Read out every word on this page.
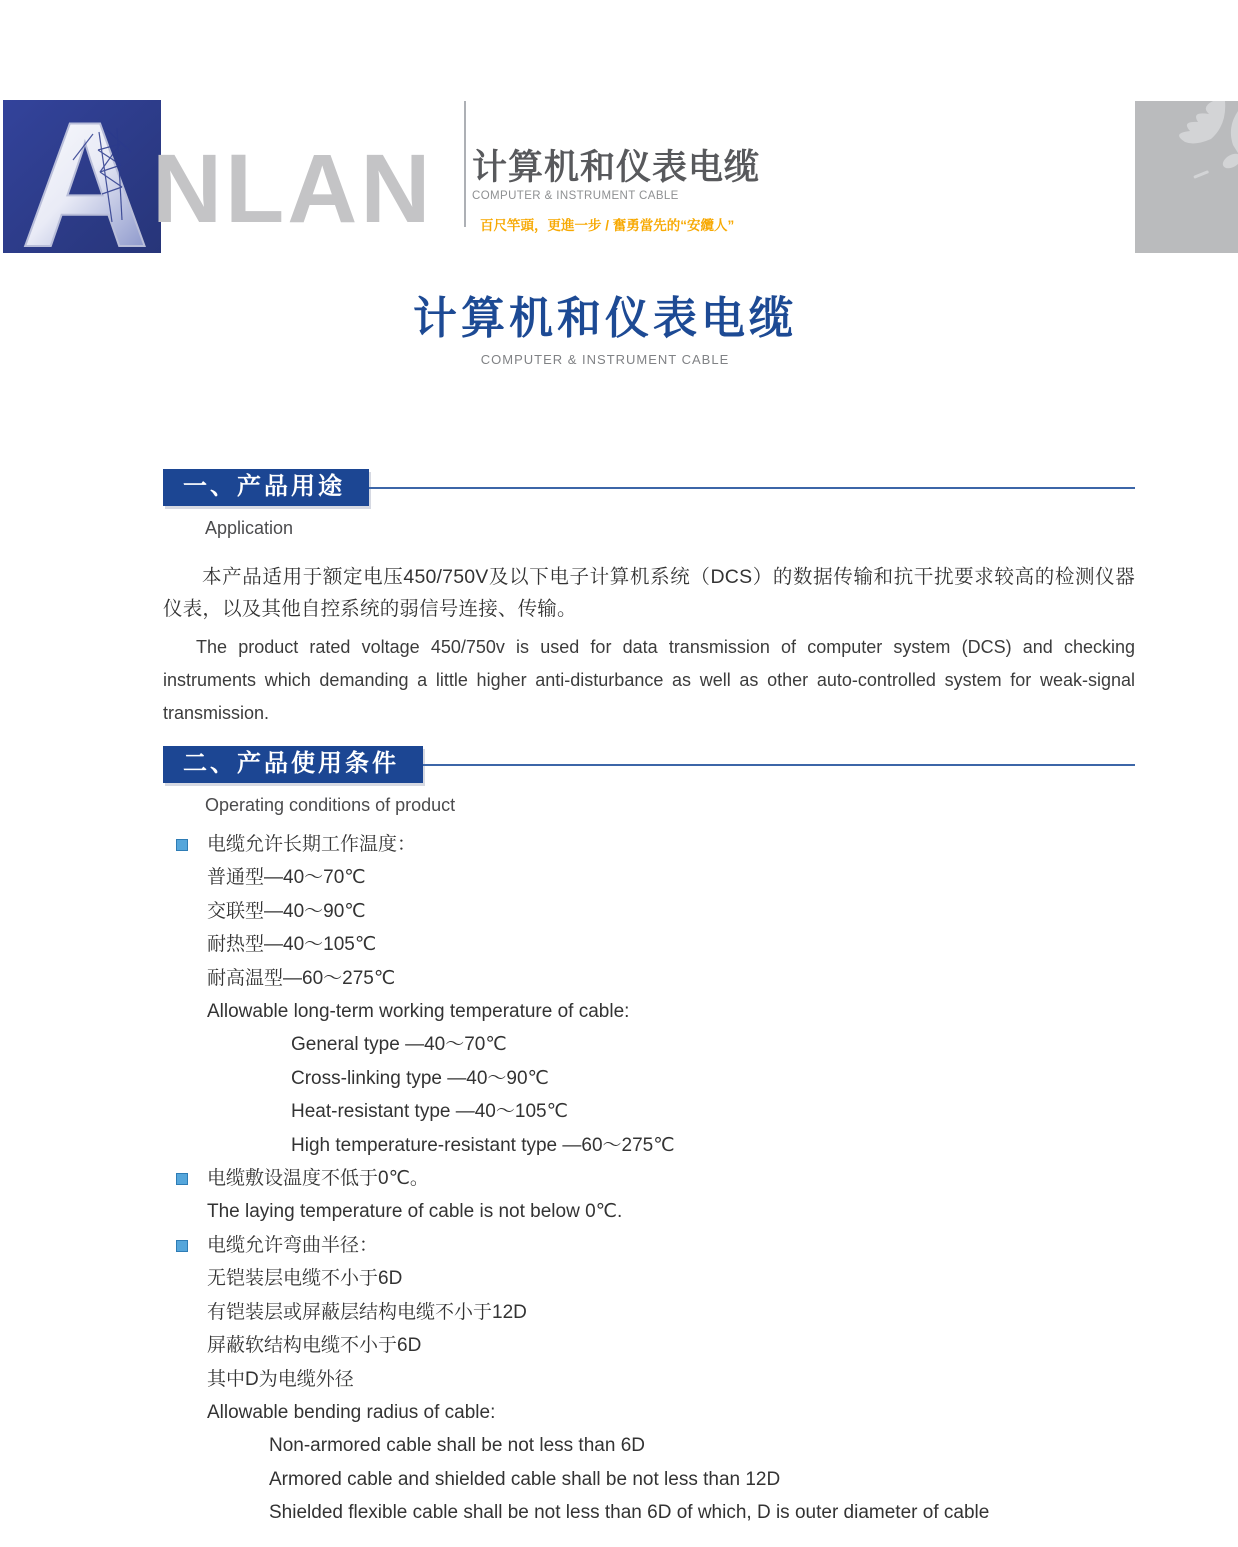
A NLAN 计算机和仪表电缆
COMPUTER & INSTRUMENT CABLE
百尺竿頭，更進一步 / 奮勇當先的“安纜人”
计算机和仪表电缆
COMPUTER & INSTRUMENT CABLE
一、产品用途
Application

本产品适用于额定电压450/750V及以下电子计算机系统（DCS）的数据传输和抗干扰要求较高的检测仪器仪表，以及其他自控系统的弱信号连接、传输。

The product rated voltage 450/750v is used for data transmission of computer system (DCS) and checking instruments which demanding a little higher anti-disturbance as well as other auto-controlled system for weak-signal transmission.

二、产品使用条件
Operating conditions of product
电缆允许长期工作温度：
普通型—40～70℃
交联型—40～90℃
耐热型—40～105℃
耐高温型—60～275℃
Allowable long-term working temperature of cable:
General type —40～70℃
Cross-linking type —40～90℃
Heat-resistant type —40～105℃
High temperature-resistant type —60～275℃
电缆敷设温度不低于0℃。
The laying temperature of cable is not below 0℃.
电缆允许弯曲半径：
无铠装层电缆不小于6D
有铠装层或屏蔽层结构电缆不小于12D
屏蔽软结构电缆不小于6D
其中D为电缆外径
Allowable bending radius of cable:
Non-armored cable shall be not less than 6D
Armored cable and shielded cable shall be not less than 12D
Shielded flexible cable shall be not less than 6D of which, D is outer diameter of cable
